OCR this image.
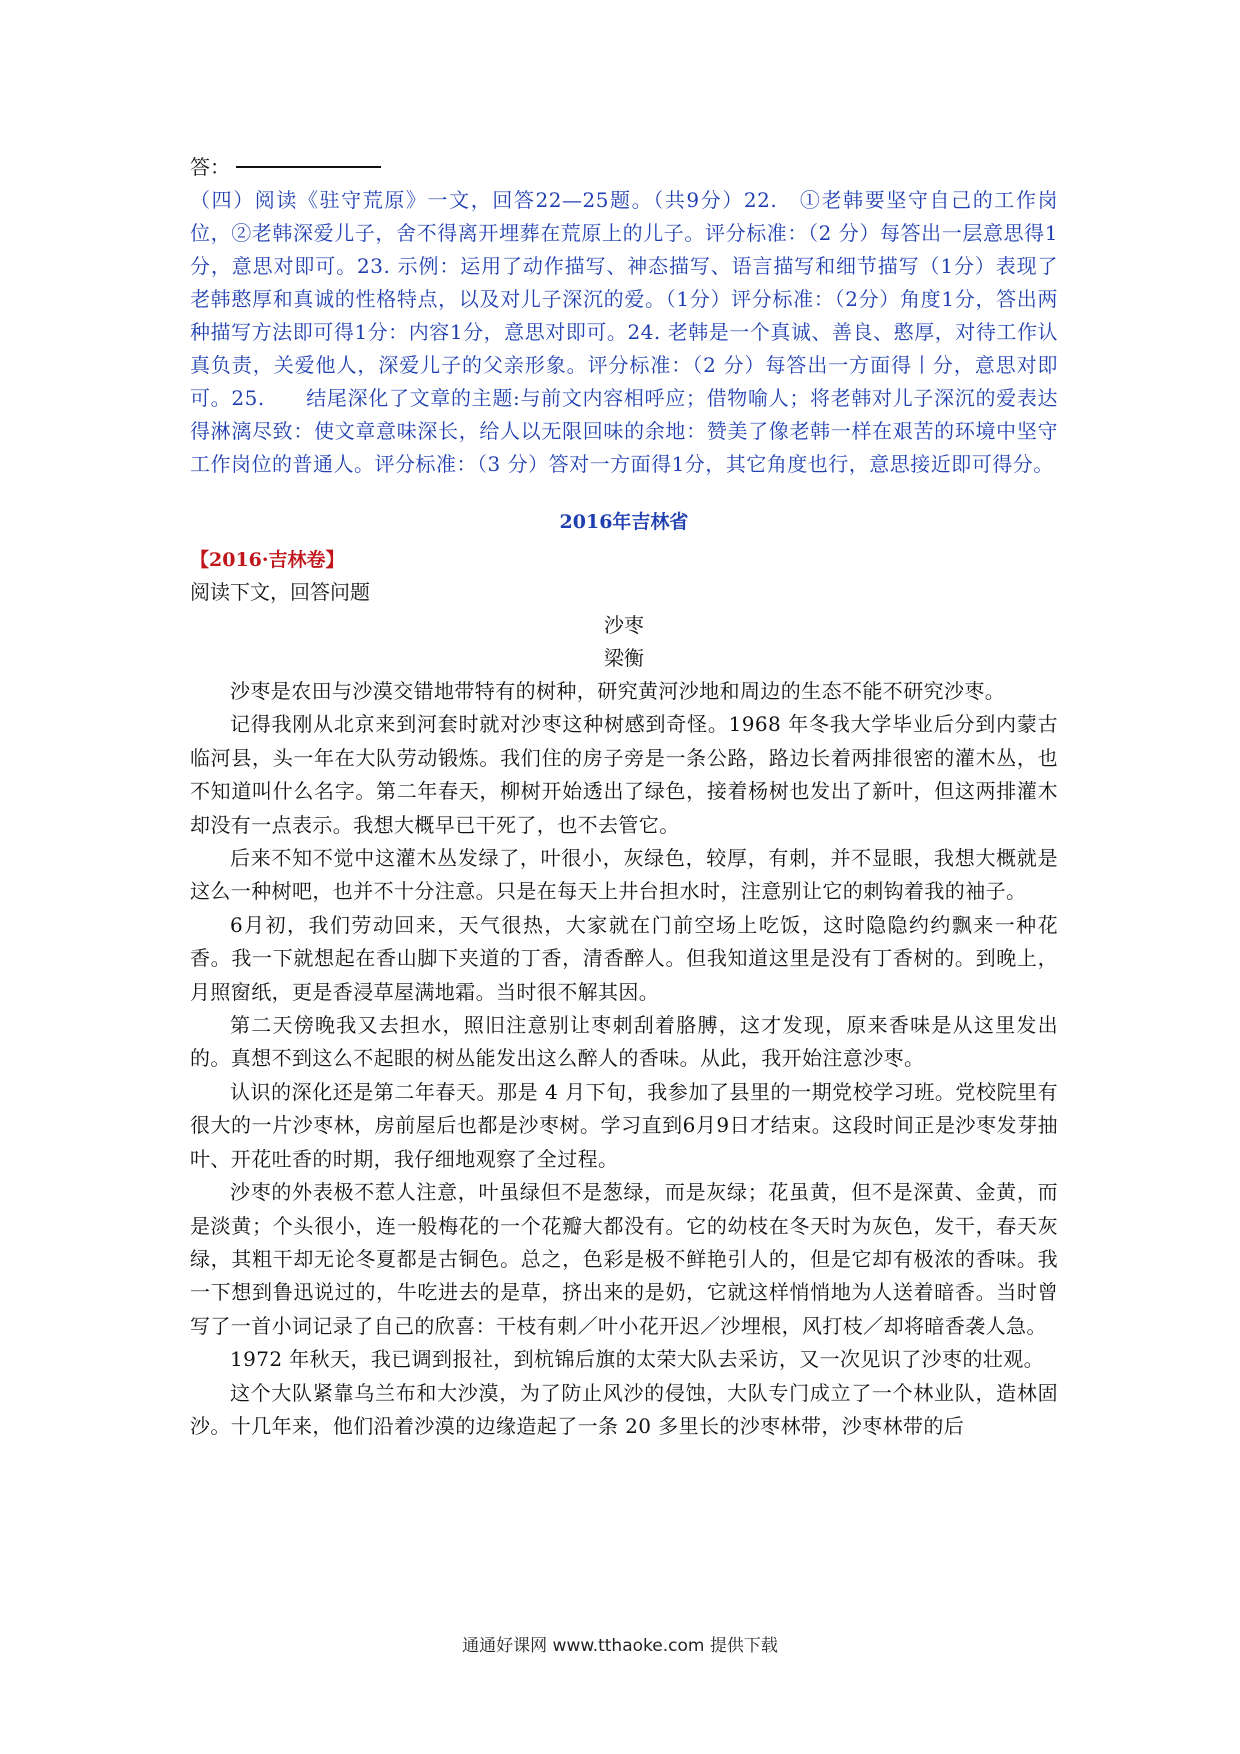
答：

（四）阅读《驻守荒原》一文，回答22—25题。（共9分）22.　①老韩要坚守自己的工作岗位，②老韩深爱儿子，舍不得离开埋葬在荒原上的儿子。评分标准：（2 分）每答出一层意思得1分，意思对即可。23. 示例：运用了动作描写、神态描写、语言描写和细节描写（1分）表现了老韩憨厚和真诚的性格特点，以及对儿子深沉的爱。（1分）评分标准：（2分）角度1分，答出两种描写方法即可得1分：内容1分，意思对即可。24. 老韩是一个真诚、善良、憨厚，对待工作认真负责，关爱他人，深爱儿子的父亲形象。评分标准：（2 分）每答出一方面得丨分，意思对即可。25.　　结尾深化了文章的主题:与前文内容相呼应；借物喻人；将老韩对儿子深沉的爱表达得淋漓尽致：使文章意味深长，给人以无限回味的余地：赞美了像老韩一样在艰苦的环境中坚守工作岗位的普通人。评分标准：（3 分）答对一方面得1分，其它角度也行，意思接近即可得分。

2016年吉林省
【2016·吉林卷】
阅读下文，回答问题
沙枣
梁衡

沙枣是农田与沙漠交错地带特有的树种，研究黄河沙地和周边的生态不能不研究沙枣。

记得我刚从北京来到河套时就对沙枣这种树感到奇怪。1968 年冬我大学毕业后分到内蒙古临河县，头一年在大队劳动锻炼。我们住的房子旁是一条公路，路边长着两排很密的灌木丛，也不知道叫什么名字。第二年春天，柳树开始透出了绿色，接着杨树也发出了新叶，但这两排灌木却没有一点表示。我想大概早已干死了，也不去管它。

后来不知不觉中这灌木丛发绿了，叶很小，灰绿色，较厚，有刺，并不显眼，我想大概就是这么一种树吧，也并不十分注意。只是在每天上井台担水时，注意别让它的刺钩着我的袖子。

6月初，我们劳动回来，天气很热，大家就在门前空场上吃饭，这时隐隐约约飘来一种花香。我一下就想起在香山脚下夹道的丁香，清香醉人。但我知道这里是没有丁香树的。到晚上，月照窗纸，更是香浸草屋满地霜。当时很不解其因。

第二天傍晚我又去担水，照旧注意别让枣刺刮着胳膊，这才发现，原来香味是从这里发出的。真想不到这么不起眼的树丛能发出这么醉人的香味。从此，我开始注意沙枣。

认识的深化还是第二年春天。那是 4 月下旬，我参加了县里的一期党校学习班。党校院里有很大的一片沙枣林，房前屋后也都是沙枣树。学习直到6月9日才结束。这段时间正是沙枣发芽抽叶、开花吐香的时期，我仔细地观察了全过程。

沙枣的外表极不惹人注意，叶虽绿但不是葱绿，而是灰绿；花虽黄，但不是深黄、金黄，而是淡黄；个头很小，连一般梅花的一个花瓣大都没有。它的幼枝在冬天时为灰色，发干，春天灰绿，其粗干却无论冬夏都是古铜色。总之，色彩是极不鲜艳引人的，但是它却有极浓的香味。我一下想到鲁迅说过的，牛吃进去的是草，挤出来的是奶，它就这样悄悄地为人送着暗香。当时曾写了一首小词记录了自己的欣喜：干枝有刺／叶小花开迟／沙埋根，风打枝／却将暗香袭人急。

1972 年秋天，我已调到报社，到杭锦后旗的太荣大队去采访，又一次见识了沙枣的壮观。

这个大队紧靠乌兰布和大沙漠，为了防止风沙的侵蚀，大队专门成立了一个林业队，造林固沙。十几年来，他们沿着沙漠的边缘造起了一条 20 多里长的沙枣林带，沙枣林带的后

通通好课网 www.tthaoke.com 提供下载
